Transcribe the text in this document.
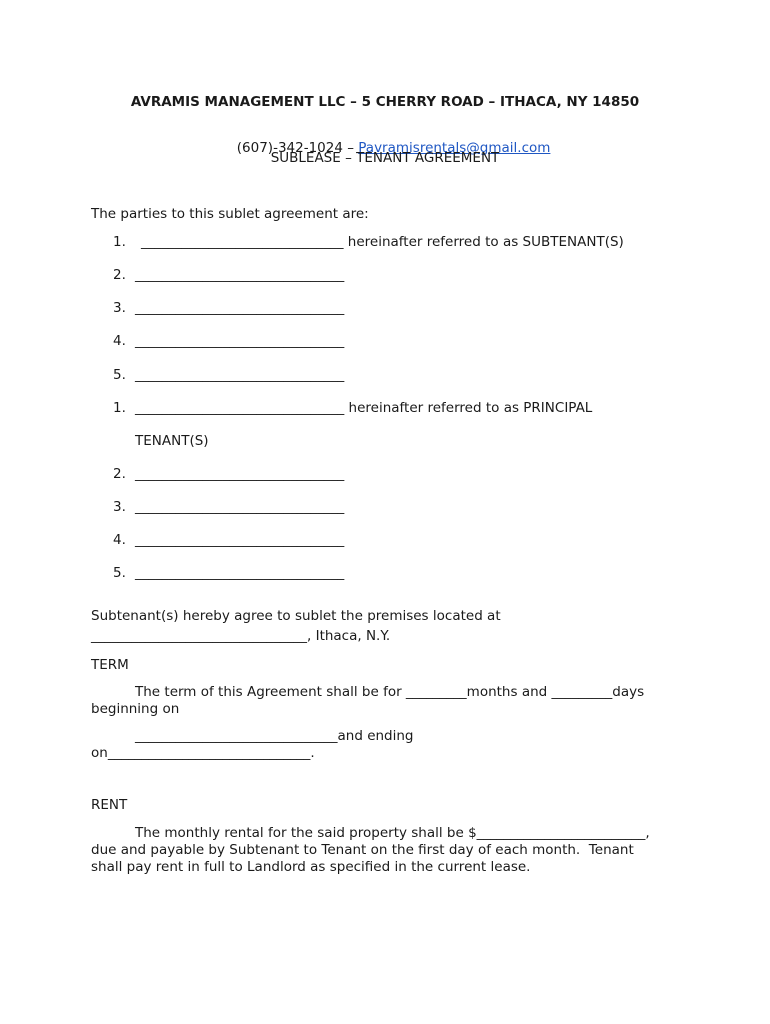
AVRAMIS MANAGEMENT LLC – 5 CHERRY ROAD – ITHACA, NY 14850

(607)-342-1024 – Pavramisrentals@gmail.com

SUBLEASE – TENANT AGREEMENT
The parties to this sublet agreement are:
1. ______________________________ hereinafter referred to as SUBTENANT(S)
2. _______________________________
3. _______________________________
4. _______________________________
5. _______________________________
1. _______________________________ hereinafter referred to as PRINCIPAL
TENANT(S)
2. _______________________________
3. _______________________________
4. _______________________________
5. _______________________________
Subtenant(s) hereby agree to sublet the premises located at
________________________________, Ithaca, N.Y.
TERM
The term of this Agreement shall be for _________months and _________days
beginning on
______________________________and ending
on______________________________.
RENT
The monthly rental for the said property shall be $_________________________,
due and payable by Subtenant to Tenant on the first day of each month.  Tenant
shall pay rent in full to Landlord as specified in the current lease.
